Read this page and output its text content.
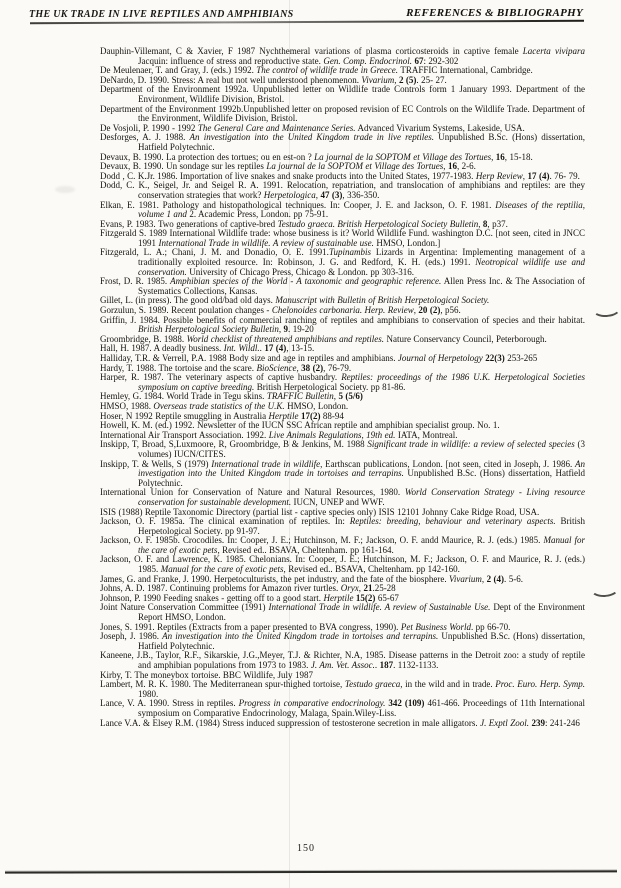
THE UK TRADE IN LIVE REPTILES AND AMPHIBIANS	REFERENCES & BIBLIOGRAPHY

Dauphin-Villemant, C & Xavier, F 1987 Nychthemeral variations of plasma corticosteroids in captive female Lacerta vivipara Jacquin: influence of stress and reproductive state. Gen. Comp. Endocrinol. 67: 292-302

De Meulenaer, T. and Gray, J. (eds.) 1992. The control of wildlife trade in Greece. TRAFFIC International, Cambridge.

DeNardo, D. 1990. Stress: A real but not well understood phenomenon. Vivarium, 2 (5). 25- 27.

Department of the Environment 1992a. Unpublished letter on Wildlife trade Controls form 1 January 1993. Department of the Environment, Wildlife Division, Bristol.

Department of the Environment 1992b.Unpublished letter on proposed revision of EC Controls on the Wildlife Trade. Department of the Environment, Wildlife Division, Bristol.

De Vosjoli, P. 1990 - 1992 The General Care and Maintenance Series. Advanced Vivarium Systems, Lakeside, USA.

Desforges, A. J. 1988. An investigation into the United Kingdom trade in live reptiles. Unpublished B.Sc. (Hons) dissertation, Hatfield Polytechnic.

Devaux, B. 1990. La protection des tortues; ou en est-on ? La journal de la SOPTOM et Village des Tortues, 16, 15-18.

Devaux, B. 1990. Un sondage sur les reptiles La journal de la SOPTOM et Village des Tortues, 16, 2-6.

Dodd , C. K.Jr. 1986. Importation of live snakes and snake products into the United States, 1977-1983. Herp Review, 17 (4). 76- 79.

Dodd, C. K., Seigel, Jr. and Seigel R. A. 1991. Relocation, repatriation, and translocation of amphibians and reptiles: are they conservation strategies that work? Herpetologica, 47 (3), 336-350.

Elkan, E. 1981. Pathology and histopathological techniques. In: Cooper, J. E. and Jackson, O. F. 1981. Diseases of the reptilia, volume 1 and 2. Academic Press, London. pp 75-91.

Evans, P. 1983. Two generations of captive-bred Testudo graeca. British Herpetological Society Bulletin, 8, p37.

Fitzgerald S. 1989 International Wildlife trade: whose business is it? World Wildlife Fund. washington D.C. [not seen, cited in JNCC 1991 International Trade in wildlife. A review of sustainable use. HMSO, London.]

Fitzgerald, L. A.; Chani, J. M. and Donadio, O. E. 1991.Tupinambis Lizards in Argentina: Implementing management of a traditionally exploited resource. In: Robinson, J. G. and Redford, K. H. (eds.) 1991. Neotropical wildlife use and conservation. University of Chicago Press, Chicago & London. pp 303-316.

Frost, D. R. 1985. Amphibian species of the World - A taxonomic and geographic reference. Allen Press Inc. & The Association of Systematics Collections, Kansas.

Gillet, L. (in press). The good old/bad old days. Manuscript with Bulletin of British Herpetological Society.

Gorzulun, S. 1989. Recent poulation changes - Chelonoides carbonaria. Herp. Review, 20 (2), p56.

Griffin, J. 1984. Possible benefits of commercial ranching of reptiles and amphibians to conservation of species and their habitat. British Herpetological Society Bulletin, 9. 19-20

Groombridge, B. 1988. World checklist of threatened amphibians and reptiles. Nature Conservancy Council, Peterborough.

Hall, H. 1987. A deadly business. Int. Wildl.. 17 (4), 13-15.

Halliday, T.R. & Verrell, P.A. 1988 Body size and age in reptiles and amphibians. Journal of Herpetology 22(3) 253-265

Hardy, T. 1988. The tortoise and the scare. BioScience, 38 (2), 76-79.

Harper, R. 1987. The veterinary aspects of captive husbandry. Reptiles: proceedings of the 1986 U.K. Herpetological Societies symposium on captive breeding. British Herpetological Society. pp 81-86.

Hemley, G. 1984. World Trade in Tegu skins. TRAFFIC Bulletin, 5 (5/6)

HMSO, 1988. Overseas trade statistics of the U.K. HMSO, London.

Hoser, N 1992 Reptile smuggling in Australia Herptile 17(2) 88-94

Howell, K. M. (ed.) 1992. Newsletter of the IUCN SSC African reptile and amphibian specialist group. No. 1.

International Air Transport Association. 1992. Live Animals Regulations, 19th ed. IATA, Montreal.

Inskipp, T, Broad, S,Luxmoore, R, Groombridge, B & Jenkins, M. 1988 Significant trade in wildlife: a review of selected species (3 volumes) IUCN/CITES.

Inskipp, T. & Wells, S (1979) International trade in wildlife, Earthscan publications, London. [not seen, cited in Joseph, J. 1986. An investigation into the United Kingdom trade in tortoises and terrapins. Unpublished B.Sc. (Hons) dissertation, Hatfield Polytechnic.

International Union for Conservation of Nature and Natural Resources, 1980. World Conservation Strategy - Living resource conservation for sustainable development. IUCN, UNEP and WWF.

ISIS (1988) Reptile Taxonomic Directory (partial list - captive species only) ISIS 12101 Johnny Cake Ridge Road, USA.

Jackson, O. F. 1985a. The clinical examination of reptiles. In: Reptiles: breeding, behaviour and veterinary aspects. British Herpetological Society. pp 91-97.

Jackson, O. F. 1985b. Crocodiles. In: Cooper, J. E.; Hutchinson, M. F.; Jackson, O. F. andd Maurice, R. J. (eds.) 1985. Manual for the care of exotic pets, Revised ed.. BSAVA, Cheltenham. pp 161-164.

Jackson, O. F. and Lawrence, K. 1985. Chelonians. In: Cooper, J. E.; Hutchinson, M. F.; Jackson, O. F. and Maurice, R. J. (eds.) 1985. Manual for the care of exotic pets, Revised ed.. BSAVA, Cheltenham. pp 142-160.

James, G. and Franke, J. 1990. Herpetoculturists, the pet industry, and the fate of the biosphere. Vivarium, 2 (4). 5-6.

Johns, A. D. 1987. Continuing problems for Amazon river turtles. Oryx, 21.25-28

Johnson, P. 1990 Feeding snakes - getting off to a good start. Herptile 15(2) 65-67

Joint Nature Conservation Committee (1991) International Trade in wildlife. A review of Sustainable Use. Dept of the Environment Report HMSO, London.

Jones, S. 1991. Reptiles (Extracts from a paper presented to BVA congress, 1990). Pet Business World. pp 66-70.

Joseph, J. 1986. An investigation into the United Kingdom trade in tortoises and terrapins. Unpublished B.Sc. (Hons) dissertation, Hatfield Polytechnic.

Kaneene, J.B., Taylor, R.F., Sikarskie, J.G.,Meyer, T.J. & Richter, N.A, 1985. Disease patterns in the Detroit zoo: a study of reptile and amphibian populations from 1973 to 1983. J. Am. Vet. Assoc.. 187. 1132-1133.

Kirby, T. The moneybox tortoise. BBC Wildlife, July 1987

Lambert, M. R. K. 1980. The Mediterranean spur-thighed tortoise, Testudo graeca, in the wild and in trade. Proc. Euro. Herp. Symp. 1980.

Lance, V. A. 1990. Stress in reptiles. Progress in comparative endocrinology. 342 (109) 461-466. Proceedings of 11th International symposium on Comparative Endocrinology, Malaga, Spain.Wiley-Liss.

Lance V.A. & Elsey R.M. (1984) Stress induced suppression of testosterone secretion in male alligators. J. Exptl Zool. 239: 241-246

150
